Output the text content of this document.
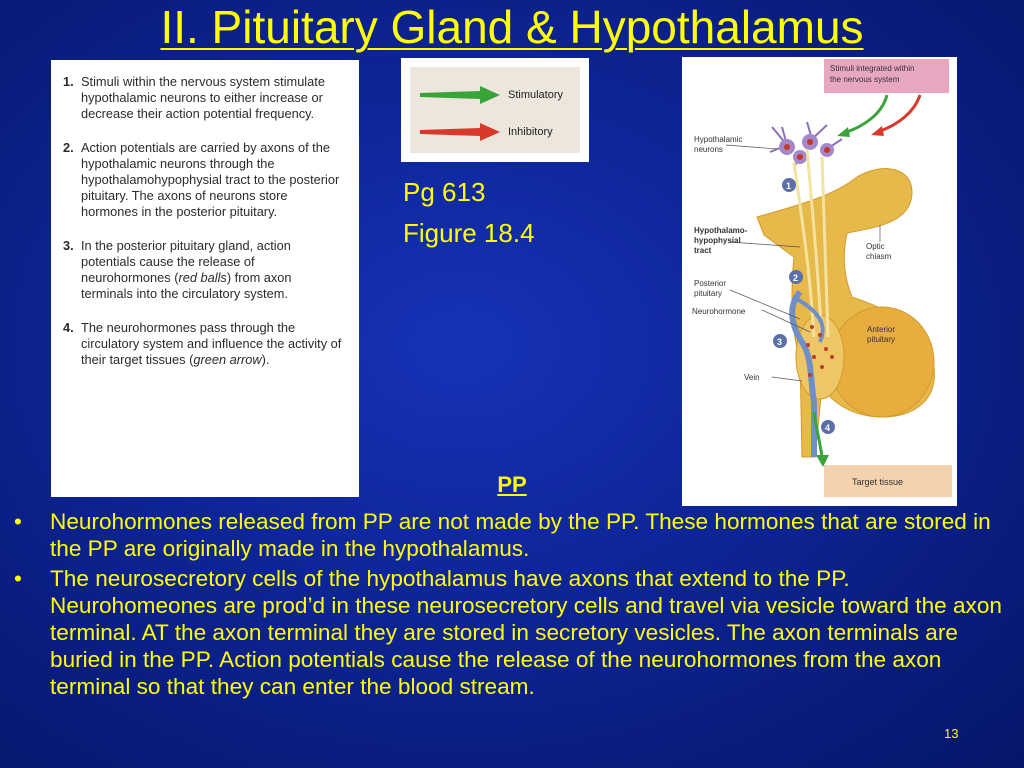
II. Pituitary Gland & Hypothalamus
1. Stimuli within the nervous system stimulate hypothalamic neurons to either increase or decrease their action potential frequency.
2. Action potentials are carried by axons of the hypothalamic neurons through the hypothalamohypophysial tract to the posterior pituitary. The axons of neurons store hormones in the posterior pituitary.
3. In the posterior pituitary gland, action potentials cause the release of neurohormones (red balls) from axon terminals into the circulatory system.
4. The neurohormones pass through the circulatory system and influence the activity of their target tissues (green arrow).
Stimulatory
Inhibitory
Pg 613
Figure 18.4
Stimuli integrated within
the nervous system
Target tissue
1
2
3
4
Hypothalamic
neurons
Hypothalamo-
hypophysial
tract	Optic
chiasm
Posterior
pituitary
Neurohormone
Anterior
pituitary
Vein
PP
• Neurohormones released from PP are not made by the PP. These hormones that are stored in the PP are originally made in the hypothalamus.
• The neurosecretory cells of the hypothalamus have axons that extend to the PP. Neurohomeones are prod’d in these neurosecretory cells and travel via vesicle toward the axon terminal. AT the axon terminal they are stored in secretory vesicles. The axon terminals are buried in the PP. Action potentials cause the release of the neurohormones from the axon terminal so that they can enter the blood stream.
13
